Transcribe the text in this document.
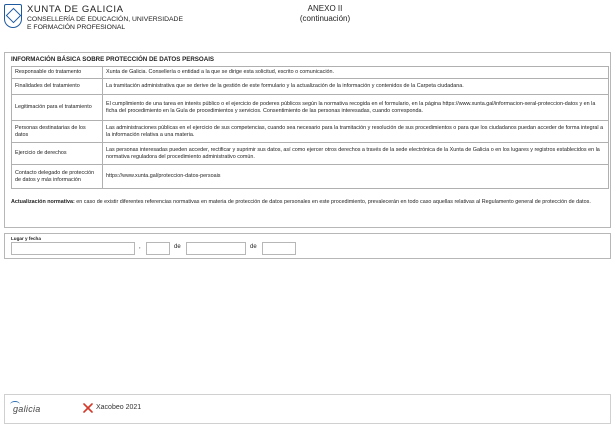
XUNTA DE GALICIA
CONSELLERÍA DE EDUCACIÓN, UNIVERSIDADE
E FORMACIÓN PROFESIONAL
ANEXO II
(continuación)
INFORMACIÓN BÁSICA SOBRE PROTECCIÓN DE DATOS PERSOAIS
Responsable do tratamento	Xunta de Galicia. Consellería o entidad a la que se dirige esta solicitud, escrito o comunicación.
Finalidades del tratamiento	La tramitación administrativa que se derive de la gestión de este formulario y la actualización de la información y contenidos de la Carpeta ciudadana.
Legitimación para el tratamiento	El cumplimiento de una tarea en interés público o el ejercicio de poderes públicos según la normativa recogida en el formulario, en la página https://www.xunta.gal/informacion-xeral-proteccion-datos y en la ficha del procedimiento en la Guía de procedimientos y servicios. Consentimiento de las personas interesadas, cuando corresponda.
Personas destinatarias de los datos	Las administraciones públicas en el ejercicio de sus competencias, cuando sea necesario para la tramitación y resolución de sus procedimientos o para que los ciudadanos puedan acceder de forma integral a la información relativa a una materia.
Ejercicio de derechos	Las personas interesadas pueden acceder, rectificar y suprimir sus datos, así como ejercer otros derechos a través de la sede electrónica de la Xunta de Galicia o en los lugares y registros establecidos en la normativa reguladora del procedimiento administrativo común.
Contacto delegado de protección de datos y más información	https://www.xunta.gal/proteccion-datos-persoais
Actualización normativa: en caso de existir diferentes referencias normativas en materia de protección de datos personales en este procedimiento, prevalecerán en todo caso aquellas relativas al Regulamento general de protección de datos.
Lugar y fecha
,	de	de
galicia	Xacobeo 2021
